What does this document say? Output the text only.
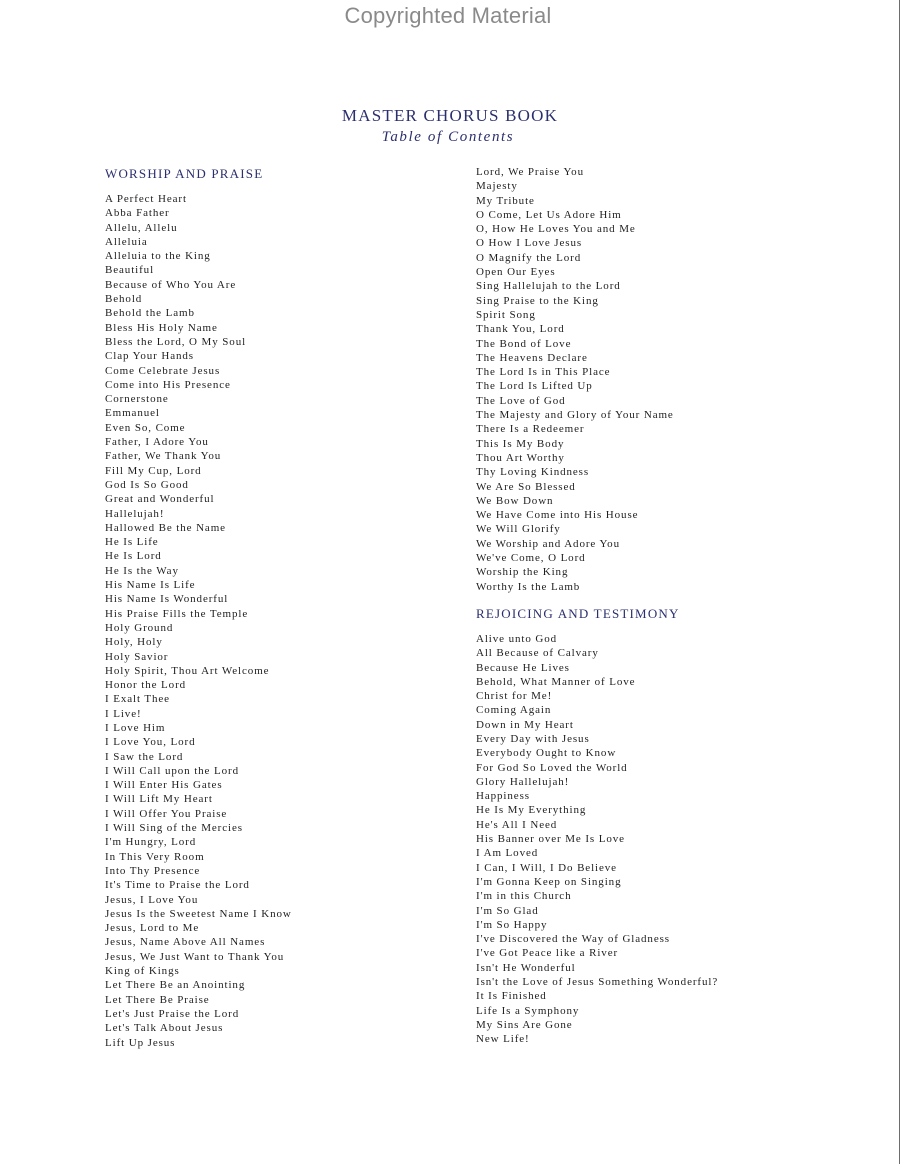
Copyrighted Material
MASTER CHORUS BOOK
Table of Contents
WORSHIP AND PRAISE
A Perfect Heart
Abba Father
Allelu, Allelu
Alleluia
Alleluia to the King
Beautiful
Because of Who You Are
Behold
Behold the Lamb
Bless His Holy Name
Bless the Lord, O My Soul
Clap Your Hands
Come Celebrate Jesus
Come into His Presence
Cornerstone
Emmanuel
Even So, Come
Father, I Adore You
Father, We Thank You
Fill My Cup, Lord
God Is So Good
Great and Wonderful
Hallelujah!
Hallowed Be the Name
He Is Life
He Is Lord
He Is the Way
His Name Is Life
His Name Is Wonderful
His Praise Fills the Temple
Holy Ground
Holy, Holy
Holy Savior
Holy Spirit, Thou Art Welcome
Honor the Lord
I Exalt Thee
I Live!
I Love Him
I Love You, Lord
I Saw the Lord
I Will Call upon the Lord
I Will Enter His Gates
I Will Lift My Heart
I Will Offer You Praise
I Will Sing of the Mercies
I'm Hungry, Lord
In This Very Room
Into Thy Presence
It's Time to Praise the Lord
Jesus, I Love You
Jesus Is the Sweetest Name I Know
Jesus, Lord to Me
Jesus, Name Above All Names
Jesus, We Just Want to Thank You
King of Kings
Let There Be an Anointing
Let There Be Praise
Let's Just Praise the Lord
Let's Talk About Jesus
Lift Up Jesus
Lord, We Praise You
Majesty
My Tribute
O Come, Let Us Adore Him
O, How He Loves You and Me
O How I Love Jesus
O Magnify the Lord
Open Our Eyes
Sing Hallelujah to the Lord
Sing Praise to the King
Spirit Song
Thank You, Lord
The Bond of Love
The Heavens Declare
The Lord Is in This Place
The Lord Is Lifted Up
The Love of God
The Majesty and Glory of Your Name
There Is a Redeemer
This Is My Body
Thou Art Worthy
Thy Loving Kindness
We Are So Blessed
We Bow Down
We Have Come into His House
We Will Glorify
We Worship and Adore You
We've Come, O Lord
Worship the King
Worthy Is the Lamb
REJOICING AND TESTIMONY
Alive unto God
All Because of Calvary
Because He Lives
Behold, What Manner of Love
Christ for Me!
Coming Again
Down in My Heart
Every Day with Jesus
Everybody Ought to Know
For God So Loved the World
Glory Hallelujah!
Happiness
He Is My Everything
He's All I Need
His Banner over Me Is Love
I Am Loved
I Can, I Will, I Do Believe
I'm Gonna Keep on Singing
I'm in this Church
I'm So Glad
I'm So Happy
I've Discovered the Way of Gladness
I've Got Peace like a River
Isn't He Wonderful
Isn't the Love of Jesus Something Wonderful?
It Is Finished
Life Is a Symphony
My Sins Are Gone
New Life!
